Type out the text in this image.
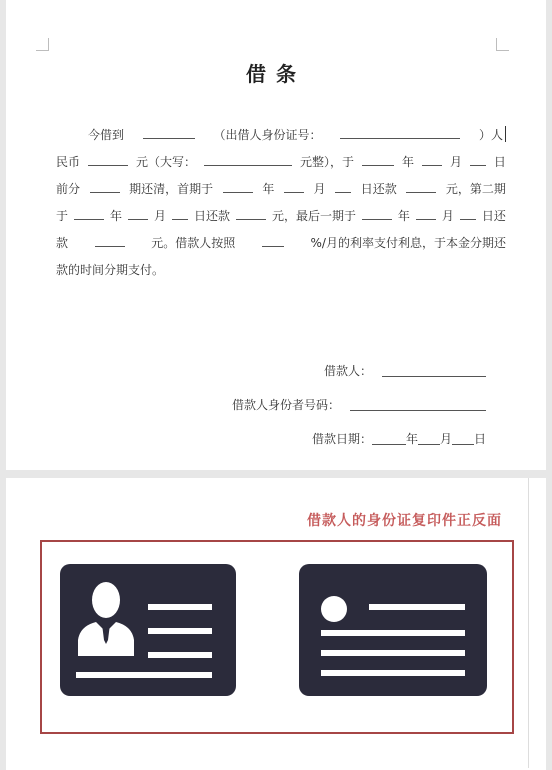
借条
今借到	（出借人身份证号：	）人
民币	元（大写：	元整），于	年	月	日
前分	期还清，首期于	年	月	日还款	元，第二期
于	年	月 日还款	元，最后一期于	年	月 日还
款	元。借款人按照	%/月的利率支付利息，于本金分期还
款的时间分期支付。
借款人：
借款人身份者号码：
借款日期：	年 月 日
借款人的身份证复印件正反面
